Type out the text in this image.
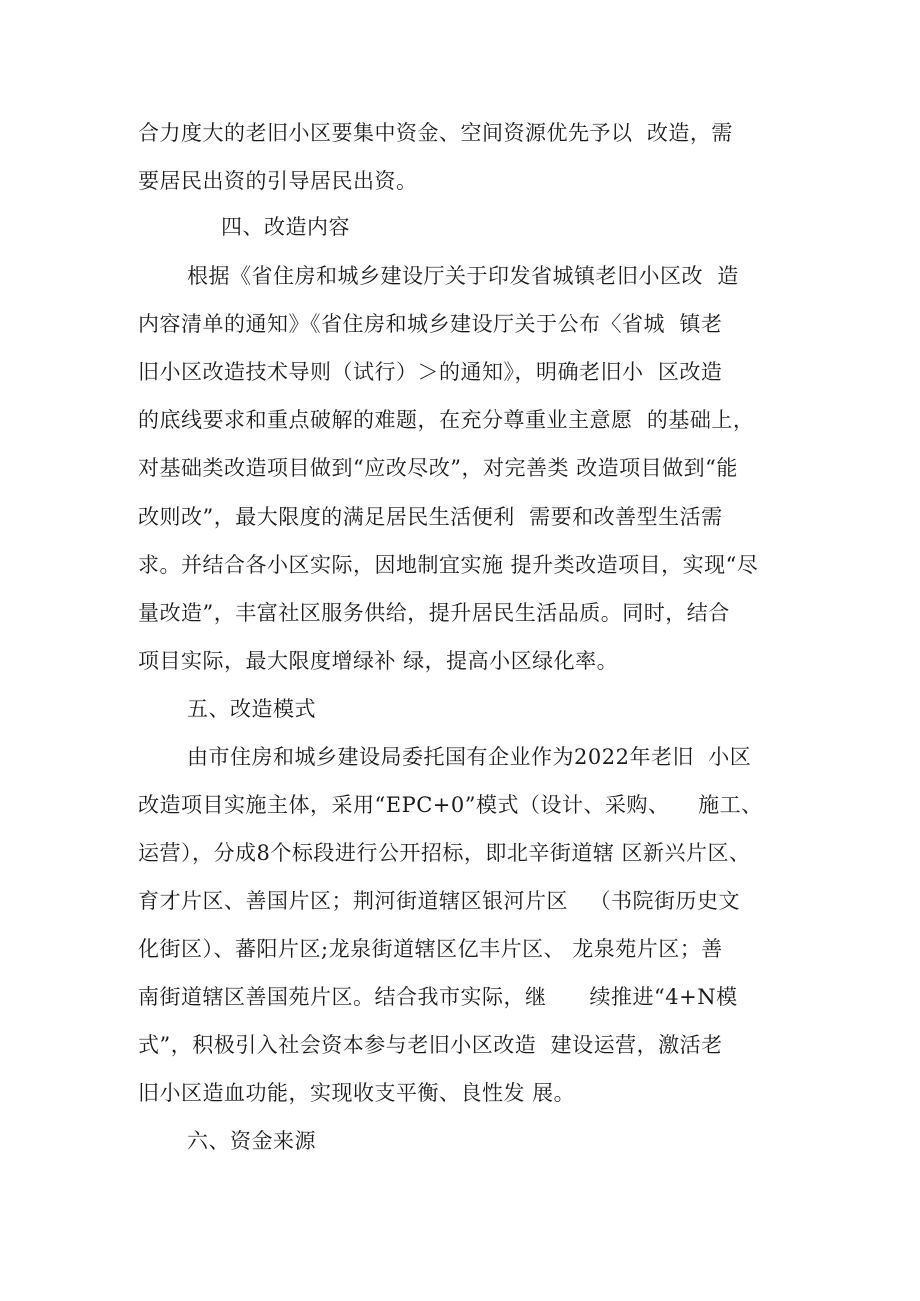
合力度大的老旧小区要集中资金、空间资源优先予以  改造，需
要居民出资的引导居民出资。
四、改造内容
根据《省住房和城乡建设厅关于印发省城镇老旧小区改  造
内容清单的通知》《省住房和城乡建设厅关于公布〈省城  镇老
旧小区改造技术导则（试行）＞的通知》，明确老旧小  区改造
的底线要求和重点破解的难题，在充分尊重业主意愿  的基础上，
对基础类改造项目做到“应改尽改”，对完善类 改造项目做到“能
改则改”，最大限度的满足居民生活便利  需要和改善型生活需
求。并结合各小区实际，因地制宜实施 提升类改造项目，实现“尽
量改造”，丰富社区服务供给，提升居民生活品质。同时，结合
项目实际，最大限度增绿补 绿，提高小区绿化率。
五、改造模式
由市住房和城乡建设局委托国有企业作为2022年老旧  小区
改造项目实施主体，采用“EPC+0”模式（设计、采购、    施工、
运营），分成8个标段进行公开招标，即北辛街道辖 区新兴片区、
育才片区、善国片区；荆河街道辖区银河片区   （书院街历史文
化街区）、蕃阳片区;龙泉街道辖区亿丰片区、 龙泉苑片区；善
南街道辖区善国苑片区。结合我市实际，继      续推进“4+N模
式”，积极引入社会资本参与老旧小区改造  建设运营，激活老
旧小区造血功能，实现收支平衡、良性发 展。
六、资金来源
